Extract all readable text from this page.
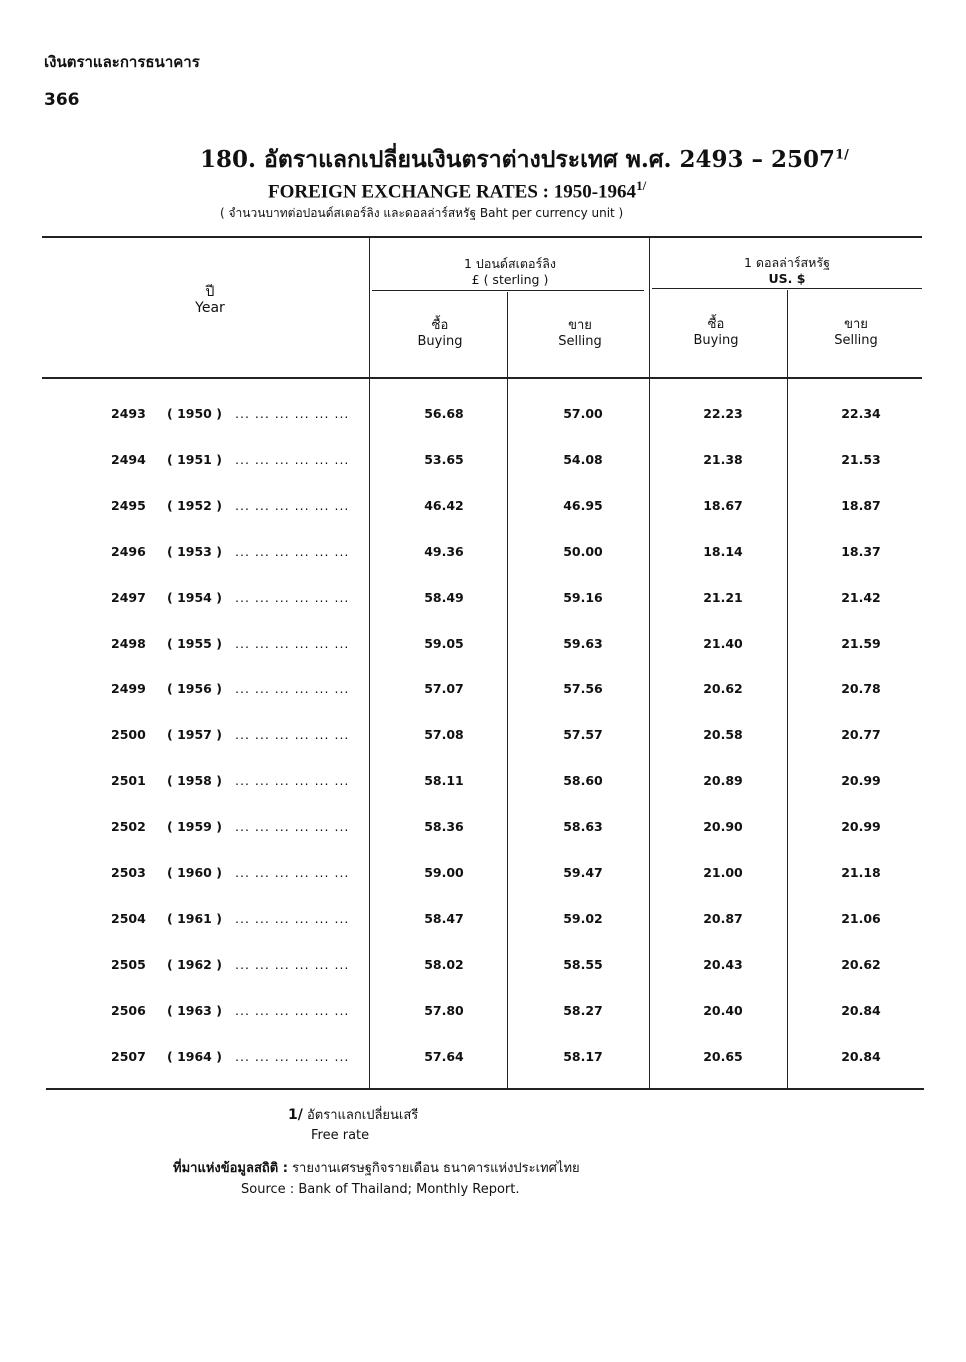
เงินตราและการธนาคาร
366
180. อัตราแลกเปลี่ยนเงินตราต่างประเทศ พ.ศ. $2493 - 2507^{1/}$
FOREIGN EXCHANGE RATES : $1950-1964^{1/}$
( จำนวนบาทต่อปอนด์สเตอร์ลิง และดอลล่าร์สหรัฐ Baht per currency unit )
ปี
Year
1 ปอนด์สเตอร์ลิง
£ ( sterling )
1 ดอลล่าร์สหรัฐ
US. $
ซื้อ
Buying
ขาย
Selling
ซื้อ
Buying
ขาย
Selling
2493 ( 1950 ) ... ... ... ... ... ...	56.68	57.00	22.23	22.34
2494 ( 1951 ) ... ... ... ... ... ...	53.65	54.08	21.38	21.53
2495 ( 1952 ) ... ... ... ... ... ...	46.42	46.95	18.67	18.87
2496 ( 1953 ) ... ... ... ... ... ...	49.36	50.00	18.14	18.37
2497 ( 1954 ) ... ... ... ... ... ...	58.49	59.16	21.21	21.42
2498 ( 1955 ) ... ... ... ... ... ...	59.05	59.63	21.40	21.59
2499 ( 1956 ) ... ... ... ... ... ...	57.07	57.56	20.62	20.78
2500 ( 1957 ) ... ... ... ... ... ...	57.08	57.57	20.58	20.77
2501 ( 1958 ) ... ... ... ... ... ...	58.11	58.60	20.89	20.99
2502 ( 1959 ) ... ... ... ... ... ...	58.36	58.63	20.90	20.99
2503 ( 1960 ) ... ... ... ... ... ...	59.00	59.47	21.00	21.18
2504 ( 1961 ) ... ... ... ... ... ...	58.47	59.02	20.87	21.06
2505 ( 1962 ) ... ... ... ... ... ...	58.02	58.55	20.43	20.62
2506 ( 1963 ) ... ... ... ... ... ...	57.80	58.27	20.40	20.84
2507 ( 1964 ) ... ... ... ... ... ...	57.64	58.17	20.65	20.84
1/ อัตราแลกเปลี่ยนเสรี
Free rate
ที่มาแห่งข้อมูลสถิติ : รายงานเศรษฐกิจรายเดือน ธนาคารแห่งประเทศไทย
Source : Bank of Thailand; Monthly Report.
